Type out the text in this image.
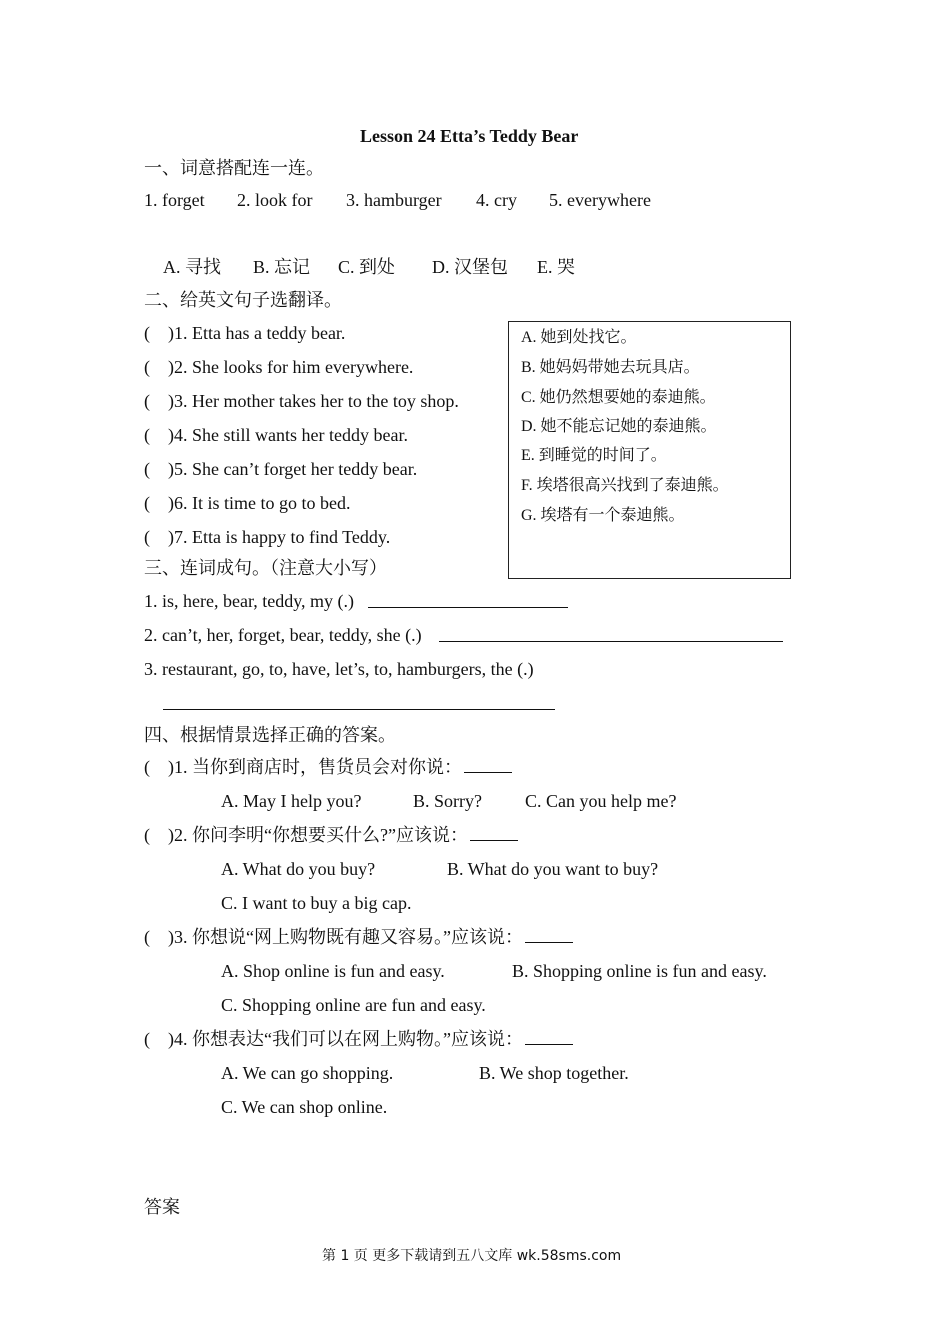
Lesson 24 Etta’s Teddy Bear
一、词意搭配连一连。
1. forget 2. look for 3. hamburger 4. cry 5. everywhere
A. 寻找 B. 忘记 C. 到处 D. 汉堡包 E. 哭
二、给英文句子选翻译。
( )1. Etta has a teddy bear.
( )2. She looks for him everywhere.
( )3. Her mother takes her to the toy shop.
( )4. She still wants her teddy bear.
( )5. She can’t forget her teddy bear.
( )6. It is time to go to bed.
( )7. Etta is happy to find Teddy.
A. 她到处找它。
B. 她妈妈带她去玩具店。
C. 她仍然想要她的泰迪熊。
D. 她不能忘记她的泰迪熊。
E. 到睡觉的时间了。
F. 埃塔很高兴找到了泰迪熊。
G. 埃塔有一个泰迪熊。
三、连词成句。（注意大小写）
1. is, here, bear, teddy, my (.)
2. can’t, her, forget, bear, teddy, she (.)
3. restaurant, go, to, have, let’s, to, hamburgers, the (.)
四、根据情景选择正确的答案。
( )1. 当你到商店时，售货员会对你说：
A. May I help you?	B. Sorry? C. Can you help me?
( )2. 你问李明“你想要买什么?”应该说：
A. What do you buy?	B. What do you want to buy?
C. I want to buy a big cap.
( )3. 你想说“网上购物既有趣又容易。”应该说：
A. Shop online is fun and easy.	B. Shopping online is fun and easy.
C. Shopping online are fun and easy.
( )4. 你想表达“我们可以在网上购物。”应该说：
A. We can go shopping.	B. We shop together.
C. We can shop online.
答案
第 1 页 更多下载请到五八文库 wk.58sms.com
